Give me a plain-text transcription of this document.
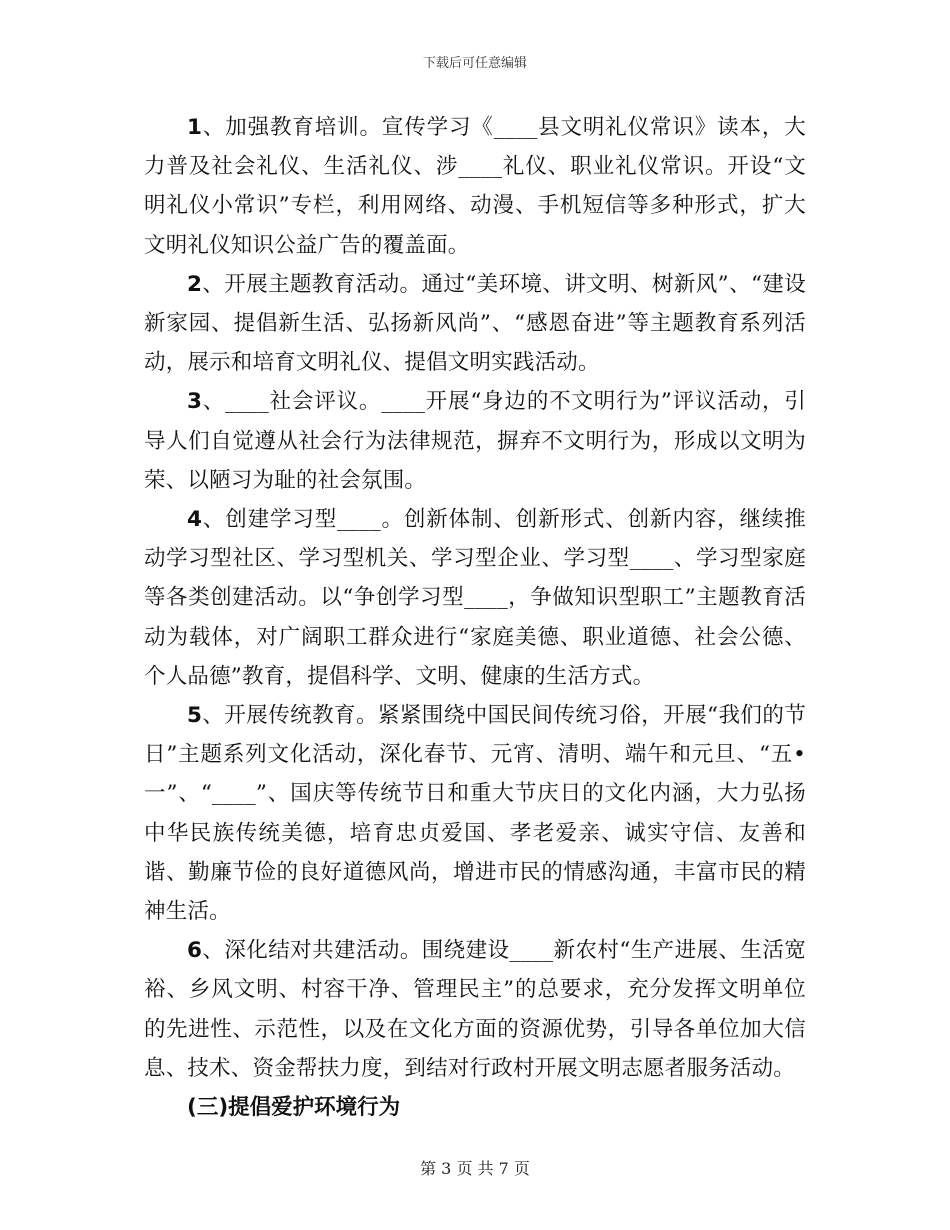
下载后可任意编辑

1、加强教育培训。宣传学习《____县文明礼仪常识》读本，大力普及社会礼仪、生活礼仪、涉____礼仪、职业礼仪常识。开设“文明礼仪小常识”专栏，利用网络、动漫、手机短信等多种形式，扩大文明礼仪知识公益广告的覆盖面。

2、开展主题教育活动。通过“美环境、讲文明、树新风”、“建设新家园、提倡新生活、弘扬新风尚”、“感恩奋进”等主题教育系列活动，展示和培育文明礼仪、提倡文明实践活动。

3、____社会评议。____开展“身边的不文明行为”评议活动，引导人们自觉遵从社会行为法律规范，摒弃不文明行为，形成以文明为荣、以陋习为耻的社会氛围。

4、创建学习型____。创新体制、创新形式、创新内容，继续推动学习型社区、学习型机关、学习型企业、学习型____、学习型家庭等各类创建活动。以“争创学习型____，争做知识型职工”主题教育活动为载体，对广阔职工群众进行“家庭美德、职业道德、社会公德、个人品德”教育，提倡科学、文明、健康的生活方式。

5、开展传统教育。紧紧围绕中国民间传统习俗，开展“我们的节日”主题系列文化活动，深化春节、元宵、清明、端午和元旦、“五•一”、“____”、国庆等传统节日和重大节庆日的文化内涵，大力弘扬中华民族传统美德，培育忠贞爱国、孝老爱亲、诚实守信、友善和谐、勤廉节俭的良好道德风尚，增进市民的情感沟通，丰富市民的精神生活。

6、深化结对共建活动。围绕建设____新农村“生产进展、生活宽裕、乡风文明、村容干净、管理民主”的总要求，充分发挥文明单位的先进性、示范性，以及在文化方面的资源优势，引导各单位加大信息、技术、资金帮扶力度，到结对行政村开展文明志愿者服务活动。

(三)提倡爱护环境行为

第 3 页 共 7 页
